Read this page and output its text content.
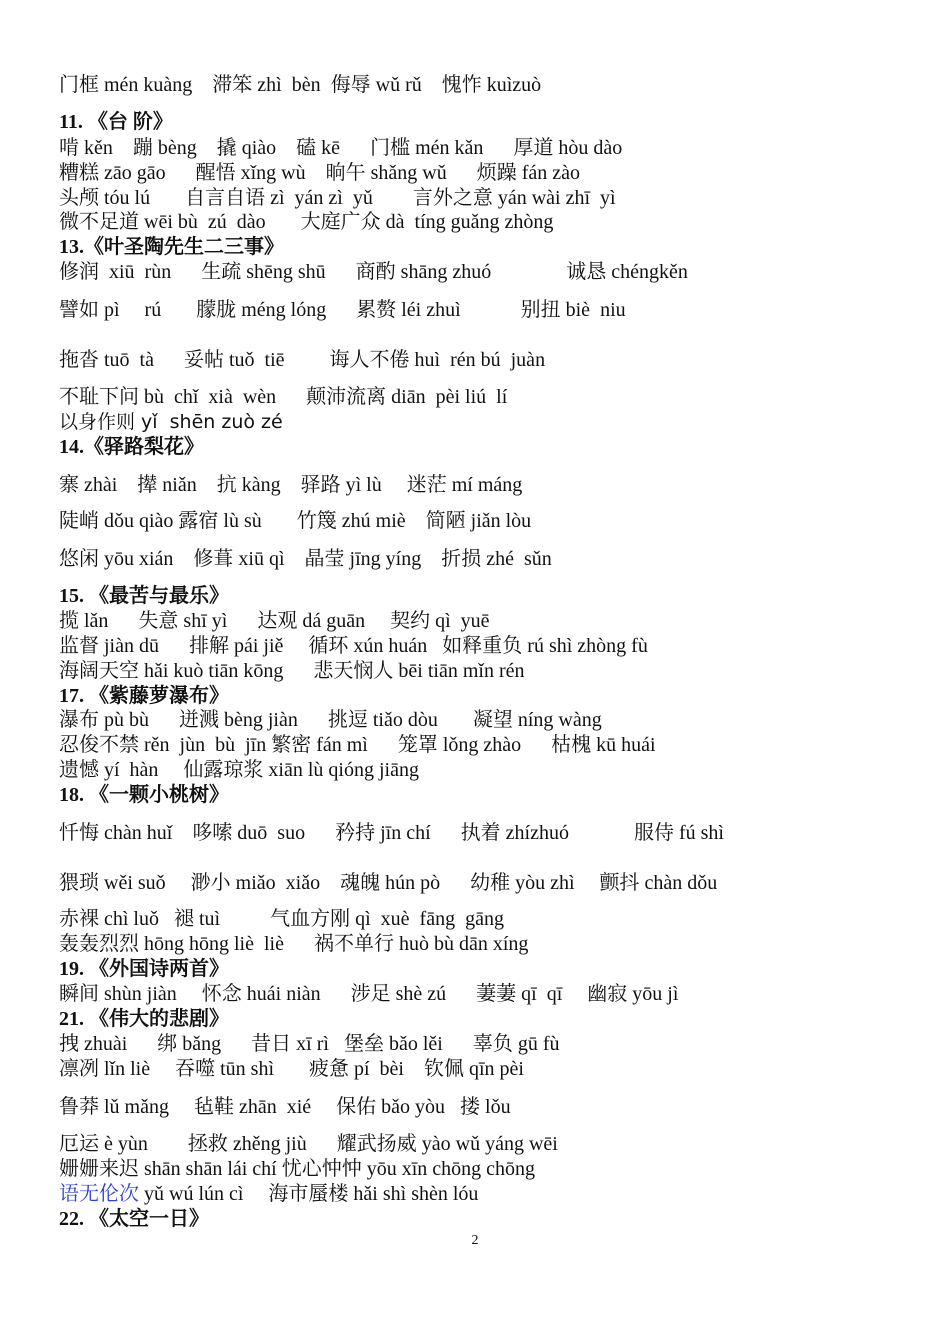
门框 mén kuàng    滞笨 zhì  bèn  侮辱 wǔ rǔ    愧怍 kuìzuò
11. 《台 阶》
啃 kěn    蹦 bèng    撬 qiào    磕 kē      门槛 mén kǎn      厚道 hòu dào
糟糕 zāo gāo      醒悟 xǐng wù    晌午 shǎng wǔ      烦躁 fán zào
头颅 tóu lú       自言自语 zì  yán zì  yǔ        言外之意 yán wài zhī  yì
微不足道 wēi bù  zú  dào       大庭广众 dà  tíng guǎng zhòng
13.《叶圣陶先生二三事》
修润  xiū  rùn      生疏 shēng shū      商酌 shāng zhuó               诚恳 chéngkěn
譬如 pì     rú       朦胧 méng lóng      累赘 léi zhuì            别扭 biè  niu
拖沓 tuō  tà      妥帖 tuǒ  tiē         诲人不倦 huì  rén bú  juàn
不耻下问 bù  chǐ  xià  wèn      颠沛流离 diān  pèi liú  lí
以身作则 yǐ  shēn zuò zé
14.《驿路梨花》
寨 zhài    撵 niǎn    抗 kàng    驿路 yì lù     迷茫 mí máng
陡峭 dǒu qiào 露宿 lù sù       竹篾 zhú miè    简陋 jiǎn lòu
悠闲 yōu xián    修葺 xiū qì    晶莹 jīng yíng    折损 zhé  sǔn
15. 《最苦与最乐》
揽 lǎn      失意 shī yì      达观 dá guān     契约 qì  yuē
监督 jiàn dū      排解 pái jiě     循环 xún huán   如释重负 rú shì zhòng fù
海阔天空 hǎi kuò tiān kōng      悲天悯人 bēi tiān mǐn rén
17. 《紫藤萝瀑布》
瀑布 pù bù      迸溅 bèng jiàn      挑逗 tiǎo dòu       凝望 níng wàng
忍俊不禁 rěn  jùn  bù  jīn 繁密 fán mì      笼罩 lǒng zhào      枯槐 kū huái
遗憾 yí  hàn     仙露琼浆 xiān lù qióng jiāng
18. 《一颗小桃树》
忏悔 chàn huǐ    哆嗦 duō  suo      矜持 jīn chí      执着 zhízhuó             服侍 fú shì
猥琐 wěi suǒ     渺小 miǎo  xiǎo    魂魄 hún pò      幼稚 yòu zhì     颤抖 chàn dǒu
赤裸 chì luǒ   褪 tuì          气血方刚 qì  xuè  fāng  gāng
轰轰烈烈 hōng hōng liè  liè      祸不单行 huò bù dān xíng
19. 《外国诗两首》
瞬间 shùn jiàn     怀念 huái niàn      涉足 shè zú      萋萋 qī  qī     幽寂 yōu jì
21. 《伟大的悲剧》
拽 zhuài      绑 bǎng      昔日 xī rì   堡垒 bǎo lěi      辜负 gū fù
凛冽 lǐn liè     吞噬 tūn shì       疲惫 pí  bèi    钦佩 qīn pèi
鲁莽 lǔ mǎng     毡鞋 zhān  xié     保佑 bǎo yòu   搂 lǒu
厄运 è yùn        拯救 zhěng jiù      耀武扬威 yào wǔ yáng wēi
姗姗来迟 shān shān lái chí 忧心忡忡 yōu xīn chōng chōng
22. 《太空一日》
语无伦次 yǔ wú lún cì     海市蜃楼 hǎi shì shèn lóu
2
